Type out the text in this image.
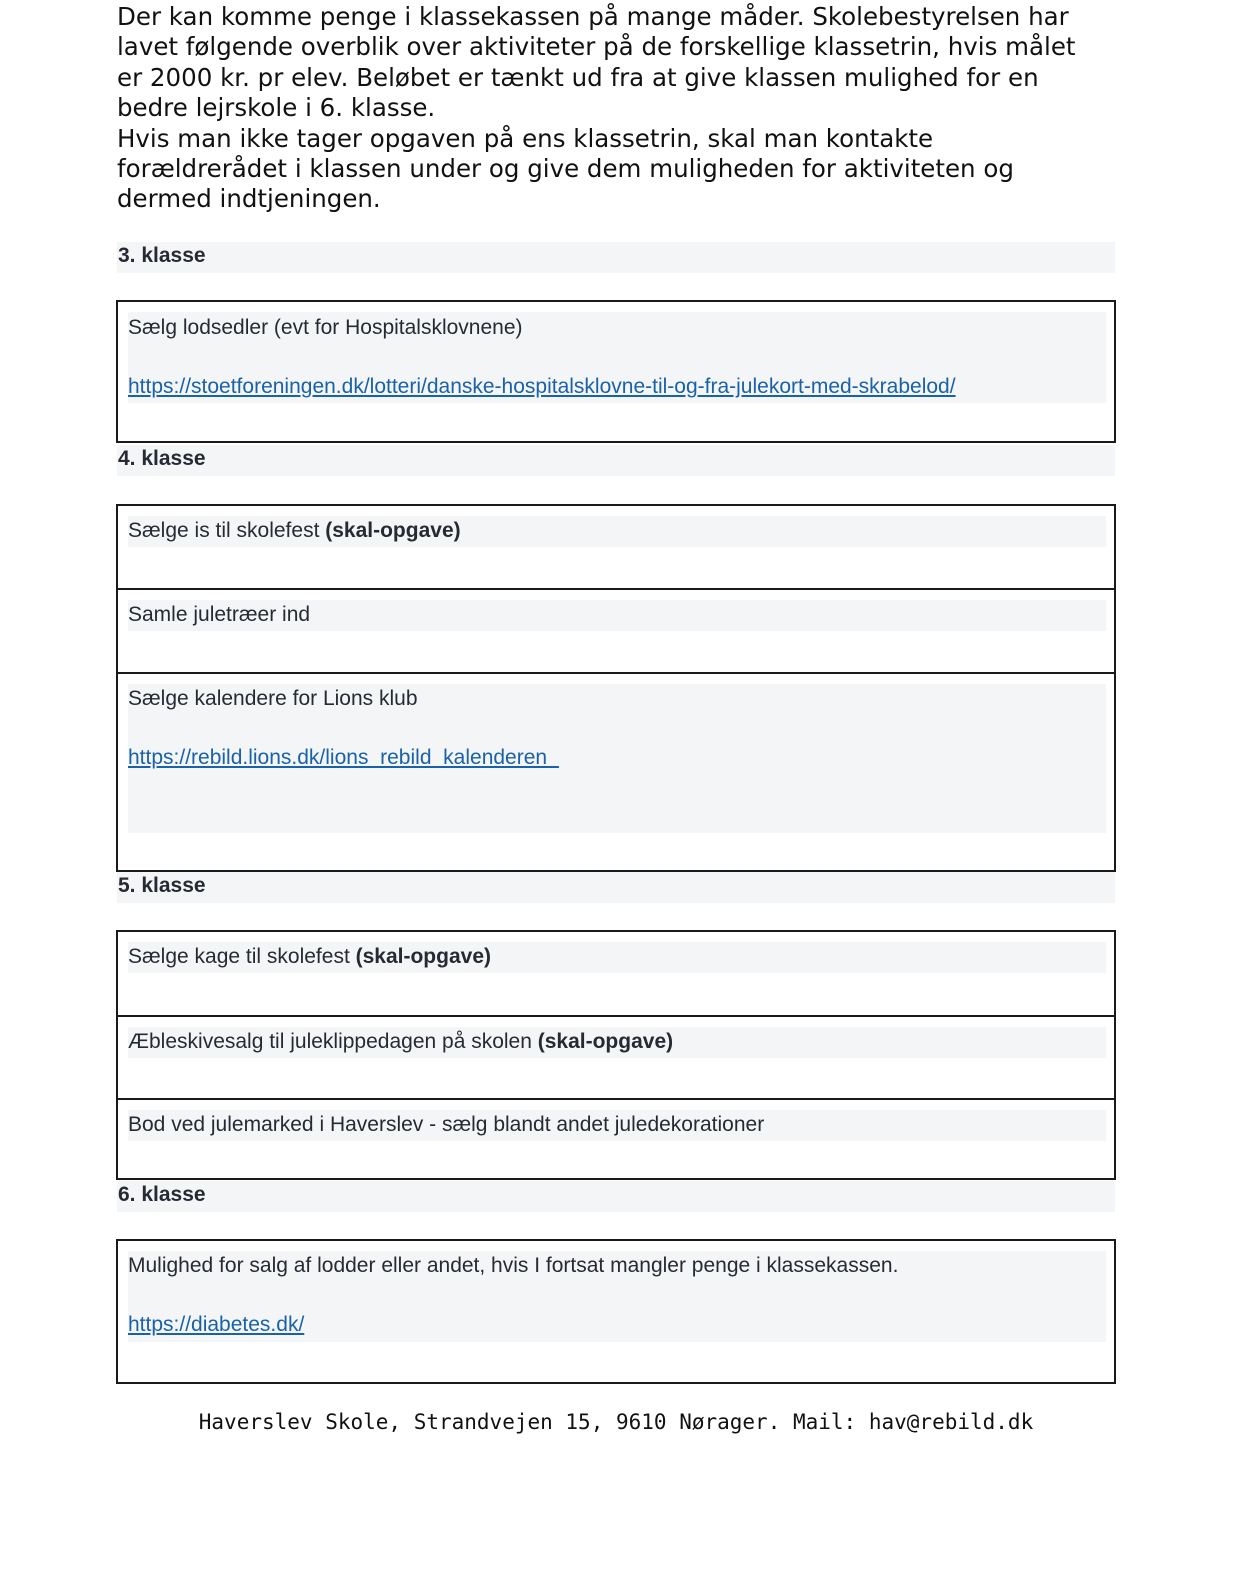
Der kan komme penge i klassekassen på mange måder. Skolebestyrelsen har lavet følgende overblik over aktiviteter på de forskellige klassetrin, hvis målet er 2000 kr. pr elev. Beløbet er tænkt ud fra at give klassen mulighed for en bedre lejrskole i 6. klasse.

Hvis man ikke tager opgaven på ens klassetrin, skal man kontakte forældrerådet i klassen under og give dem muligheden for aktiviteten og dermed indtjeningen.

3. klasse
Sælg lodsedler (evt for Hospitalsklovnene)
https://stoetforeningen.dk/lotteri/danske-hospitalsklovne-til-og-fra-julekort-med-skrabelod/
4. klasse
Sælge is til skolefest (skal-opgave)
Samle juletræer ind
Sælge kalendere for Lions klub
https://rebild.lions.dk/lions_rebild_kalenderen_
5. klasse
Sælge kage til skolefest (skal-opgave)
Æbleskivesalg til juleklippedagen på skolen (skal-opgave)
Bod ved julemarked i Haverslev - sælg blandt andet juledekorationer
6. klasse
Mulighed for salg af lodder eller andet, hvis I fortsat mangler penge i klassekassen.
https://diabetes.dk/
Haverslev Skole, Strandvejen 15, 9610 Nørager. Mail: hav@rebild.dk
